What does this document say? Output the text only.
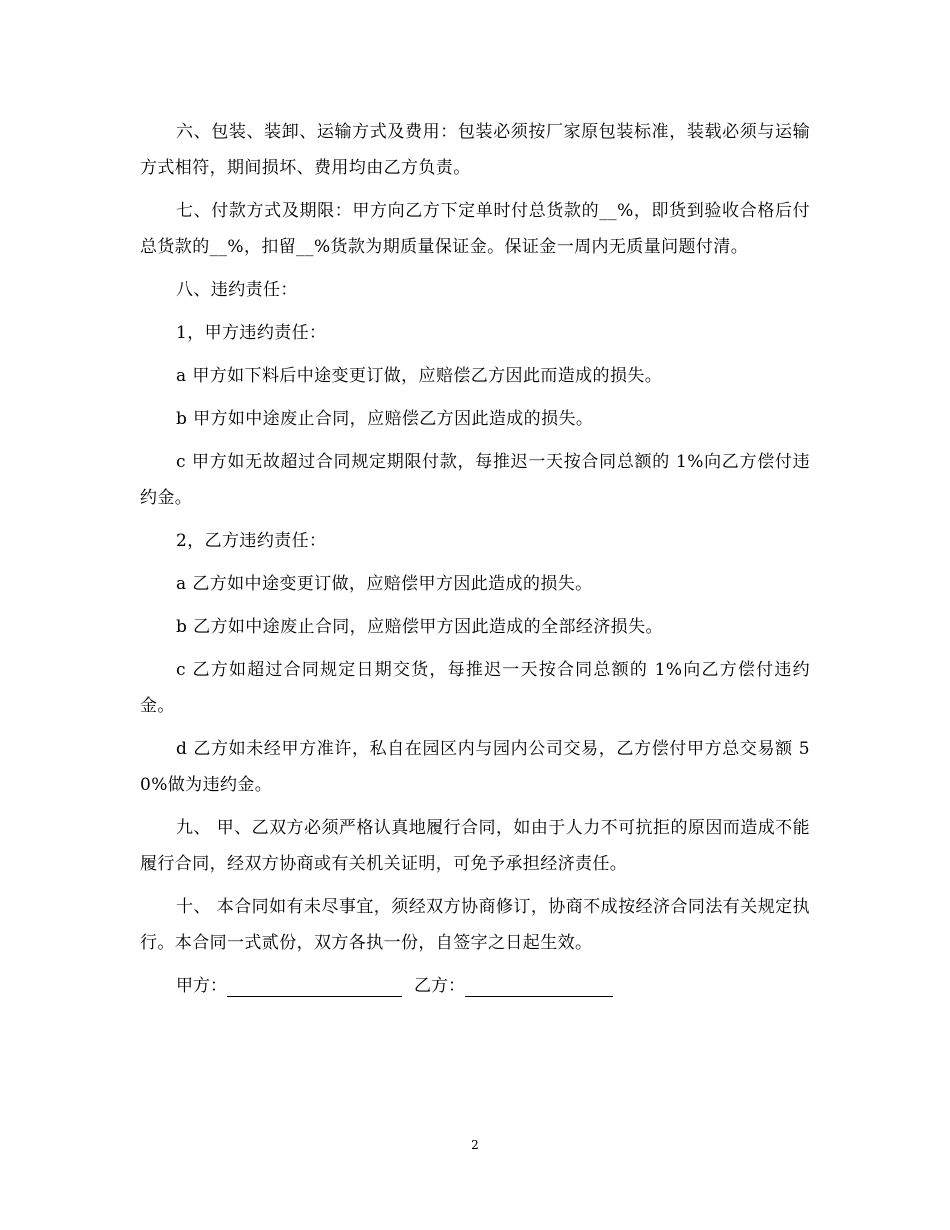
六、包装、装卸、运输方式及费用：包装必须按厂家原包装标准，装载必须与运输方式相符，期间损坏、费用均由乙方负责。

七、付款方式及期限：甲方向乙方下定单时付总货款的__%，即货到验收合格后付总货款的__%，扣留__%货款为期质量保证金。保证金一周内无质量问题付清。

八、违约责任：

1，甲方违约责任：

a 甲方如下料后中途变更订做，应赔偿乙方因此而造成的损失。

b 甲方如中途废止合同，应赔偿乙方因此造成的损失。

c 甲方如无故超过合同规定期限付款，每推迟一天按合同总额的 1%向乙方偿付违约金。

2，乙方违约责任：

a 乙方如中途变更订做，应赔偿甲方因此造成的损失。

b 乙方如中途废止合同，应赔偿甲方因此造成的全部经济损失。

c 乙方如超过合同规定日期交货，每推迟一天按合同总额的 1%向乙方偿付违约金。

d 乙方如未经甲方准许，私自在园区内与园内公司交易，乙方偿付甲方总交易额 50%做为违约金。

九、 甲、乙双方必须严格认真地履行合同，如由于人力不可抗拒的原因而造成不能履行合同，经双方协商或有关机关证明，可免予承担经济责任。

十、 本合同如有未尽事宜，须经双方协商修订，协商不成按经济合同法有关规定执行。本合同一式贰份，双方各执一份，自签字之日起生效。

甲方：	乙方：
2
